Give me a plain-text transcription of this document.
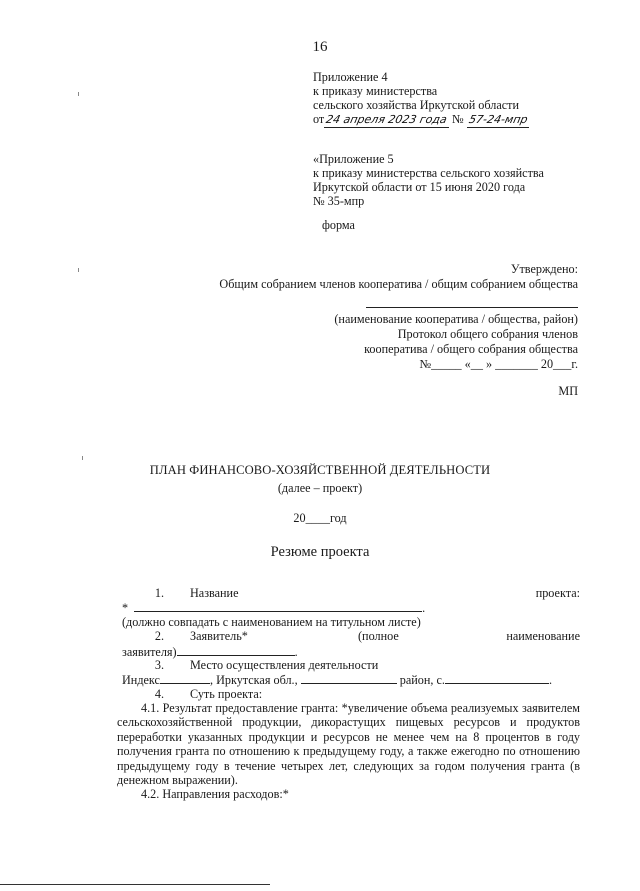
16
Приложение 4
к приказу министерства
сельского хозяйства Иркутской области
от24 апреля 2023 года № 57-24-мпр
«Приложение 5
к приказу министерства сельского хозяйства
Иркутской области от 15 июня 2020 года
№ 35-мпр
форма
Утверждено:
Общим собранием членов кооператива / общим собранием общества
(наименование кооператива / общества, район)
Протокол общего собрания членов
кооператива / общего собрания общества
№_____ «__ » _______ 20___г.
МП
ПЛАН ФИНАНСОВО-ХОЗЯЙСТВЕННОЙ ДЕЯТЕЛЬНОСТИ
(далее – проект)
20____год
Резюме проекта
1. Название	проекта:
*	.
(должно совпадать с наименованием на титульном листе)
2. Заявитель*	(полное	наименование
заявителя)	.
3. Место осуществления деятельности
Индекс	, Иркутская обл.,	район, с.	.
4. Суть проекта:
4.1. Результат предоставление гранта: *увеличение объема реализуемых заявителем
сельскохозяйственной продукции, дикорастущих пищевых ресурсов и продуктов
переработки указанных продукции и ресурсов не менее чем на 8 процентов в году
получения гранта по отношению к предыдущему году, а также ежегодно по отношению
предыдущему году в течение четырех лет, следующих за годом получения гранта (в
денежном выражении).
4.2. Направления расходов:*
